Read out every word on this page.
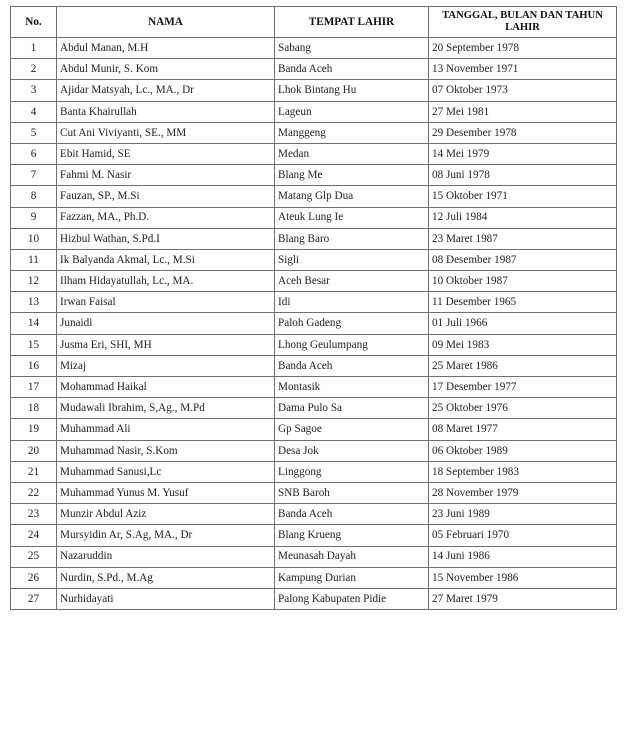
No.	NAMA	TEMPAT LAHIR	TANGGAL, BULAN DAN TAHUN LAHIR
1	Abdul Manan, M.H	Sabang	20 September 1978
2	Abdul Munir, S. Kom	Banda Aceh	13 November 1971
3	Ajidar Matsyah, Lc., MA., Dr	Lhok Bintang Hu	07 Oktober 1973
4	Banta Khairullah	Lageun	27 Mei 1981
5	Cut Ani Viviyanti, SE., MM	Manggeng	29 Desember 1978
6	Ebit Hamid, SE	Medan	14 Mei 1979
7	Fahmi M. Nasir	Blang Me	08 Juni 1978
8	Fauzan, SP., M.Si	Matang Glp Dua	15 Oktober 1971
9	Fazzan, MA., Ph.D.	Ateuk Lung Ie	12 Juli 1984
10	Hizbul Wathan, S.Pd.I	Blang Baro	23 Maret 1987
11	Ik Balyanda Akmal, Lc., M.Si	Sigli	08 Desember 1987
12	Ilham Hidayatullah, Lc., MA.	Aceh Besar	10 Oktober 1987
13	Irwan Faisal	Idi	11 Desember 1965
14	Junaidi	Paloh Gadeng	01 Juli 1966
15	Jusma Eri, SHI, MH	Lhong Geulumpang	09 Mei 1983
16	Mizaj	Banda Aceh	25 Maret 1986
17	Mohammad Haikal	Montasik	17 Desember 1977
18	Mudawali Ibrahim, S,Ag., M.Pd	Dama Pulo Sa	25 Oktober 1976
19	Muhammad Ali	Gp Sagoe	08 Maret 1977
20	Muhammad Nasir, S.Kom	Desa Jok	06 Oktober 1989
21	Muhammad Sanusi,Lc	Linggong	18 September 1983
22	Muhammad Yunus M. Yusuf	SNB Baroh	28 November 1979
23	Munzir Abdul Aziz	Banda Aceh	23 Juni 1989
24	Mursyidin Ar, S.Ag, MA., Dr	Blang Krueng	05 Februari 1970
25	Nazaruddin	Meunasah Dayah	14 Juni 1986
26	Nurdin, S.Pd., M.Ag	Kampung Durian	15 November 1986
27	Nurhidayati	Palong Kabupaten Pidie	27 Maret 1979
